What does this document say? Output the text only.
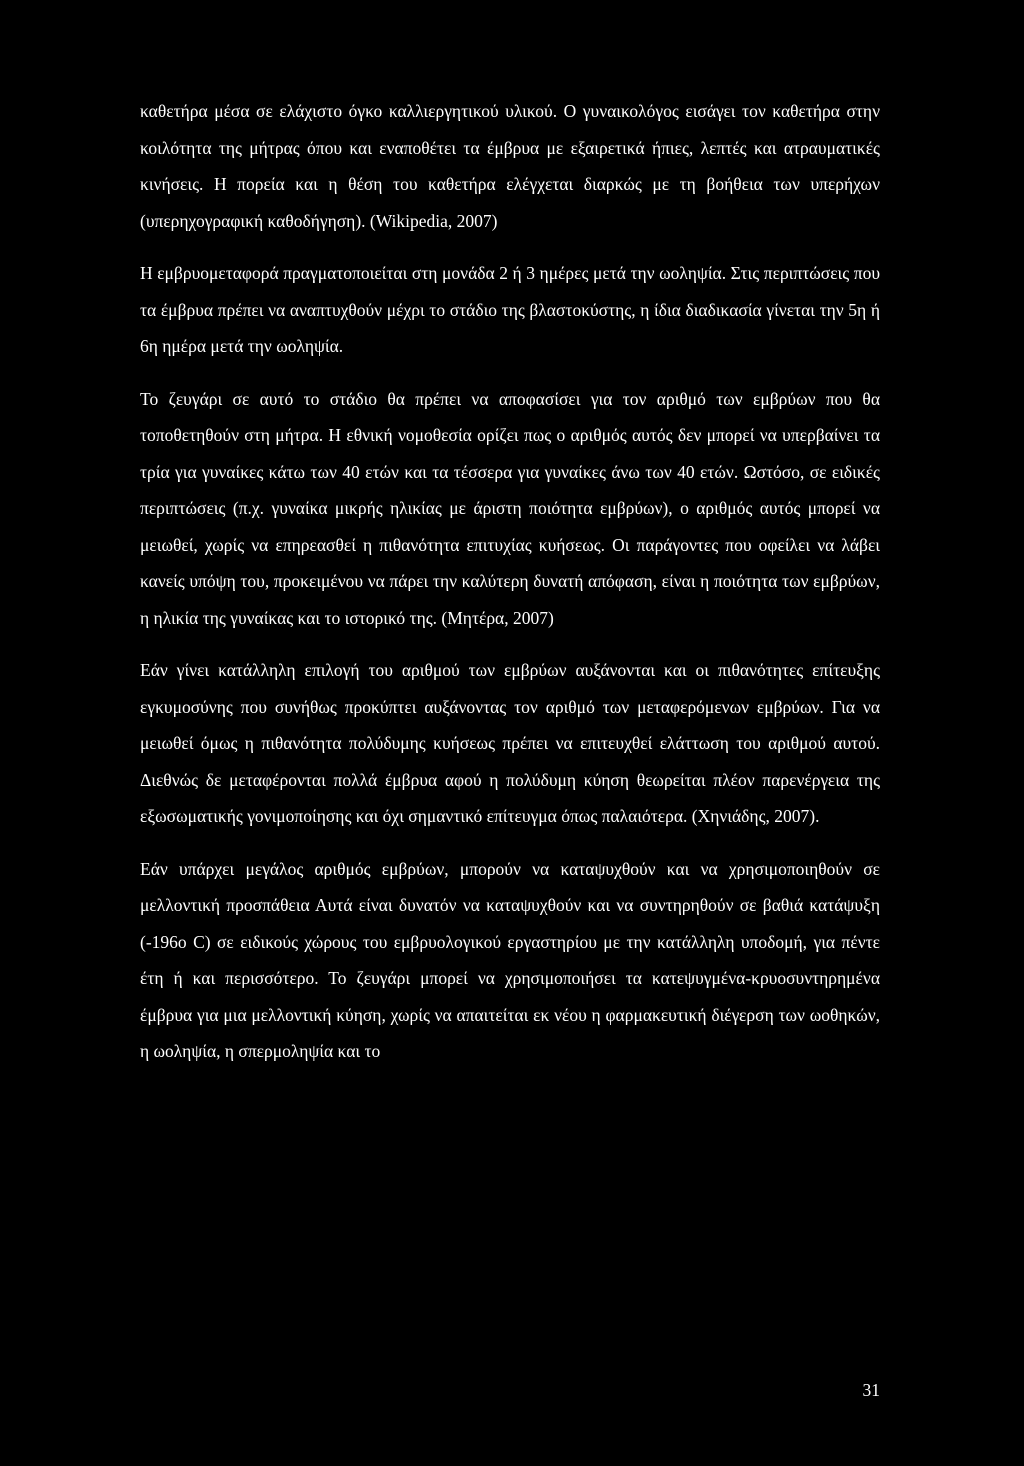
καθετήρα μέσα σε ελάχιστο όγκο καλλιεργητικού υλικού. Ο γυναικολόγος εισάγει τον καθετήρα στην κοιλότητα της μήτρας όπου και εναποθέτει τα έμβρυα με εξαιρετικά ήπιες, λεπτές και ατραυματικές κινήσεις. Η πορεία και η θέση του καθετήρα ελέγχεται διαρκώς με τη βοήθεια των υπερήχων (υπερηχογραφική καθοδήγηση). (Wikipedia, 2007)

Η εμβρυομεταφορά πραγματοποιείται στη μονάδα 2 ή 3 ημέρες μετά την ωοληψία. Στις περιπτώσεις που τα έμβρυα πρέπει να αναπτυχθούν μέχρι το στάδιο της βλαστοκύστης, η ίδια διαδικασία γίνεται την 5η ή 6η ημέρα μετά την ωοληψία.

Το ζευγάρι σε αυτό το στάδιο θα πρέπει να αποφασίσει για τον αριθμό των εμβρύων που θα τοποθετηθούν στη μήτρα. Η εθνική νομοθεσία ορίζει πως ο αριθμός αυτός δεν μπορεί να υπερβαίνει τα τρία για γυναίκες κάτω των 40 ετών και τα τέσσερα για γυναίκες άνω των 40 ετών. Ωστόσο, σε ειδικές περιπτώσεις (π.χ. γυναίκα μικρής ηλικίας με άριστη ποιότητα εμβρύων), ο αριθμός αυτός μπορεί να μειωθεί, χωρίς να επηρεασθεί η πιθανότητα επιτυχίας κυήσεως. Οι παράγοντες που οφείλει να λάβει κανείς υπόψη του, προκειμένου να πάρει την καλύτερη δυνατή απόφαση, είναι η ποιότητα των εμβρύων, η ηλικία της γυναίκας και το ιστορικό της. (Μητέρα, 2007)

Εάν γίνει κατάλληλη επιλογή του αριθμού των εμβρύων αυξάνονται και οι πιθανότητες επίτευξης εγκυμοσύνης που συνήθως προκύπτει αυξάνοντας τον αριθμό των μεταφερόμενων εμβρύων. Για να μειωθεί όμως η πιθανότητα πολύδυμης κυήσεως πρέπει να επιτευχθεί ελάττωση του αριθμού αυτού. Διεθνώς δε μεταφέρονται πολλά έμβρυα αφού η πολύδυμη κύηση θεωρείται πλέον παρενέργεια της εξωσωματικής γονιμοποίησης και όχι σημαντικό επίτευγμα όπως παλαιότερα. (Χηνιάδης, 2007).

Εάν υπάρχει μεγάλος αριθμός εμβρύων, μπορούν να καταψυχθούν και να χρησιμοποιηθούν σε μελλοντική προσπάθεια Αυτά είναι δυνατόν να καταψυχθούν και να συντηρηθούν σε βαθιά κατάψυξη (-196ο C) σε ειδικούς χώρους του εμβρυολογικού εργαστηρίου με την κατάλληλη υποδομή, για πέντε έτη ή και περισσότερο. Το ζευγάρι μπορεί να χρησιμοποιήσει τα κατεψυγμένα-κρυοσυντηρημένα έμβρυα για μια μελλοντική κύηση, χωρίς να απαιτείται εκ νέου η φαρμακευτική διέγερση των ωοθηκών, η ωοληψία, η σπερμοληψία και το

31
